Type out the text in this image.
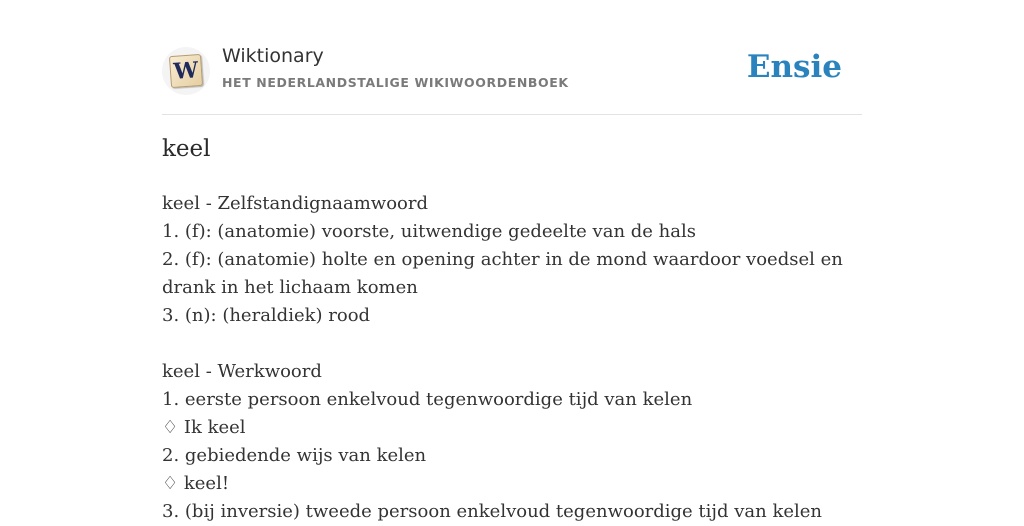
W
Wiktionary
HET NEDERLANDSTALIGE WIKIWOORDENBOEK	Ensie
keel

keel - Zelfstandignaamwoord

1. (f): (anatomie) voorste, uitwendige gedeelte van de hals

2. (f): (anatomie) holte en opening achter in de mond waardoor voedsel en drank in het lichaam komen

3. (n): (heraldiek) rood

keel - Werkwoord

1. eerste persoon enkelvoud tegenwoordige tijd van kelen

♢ Ik keel

2. gebiedende wijs van kelen

♢ keel!

3. (bij inversie) tweede persoon enkelvoud tegenwoordige tijd van kelen
